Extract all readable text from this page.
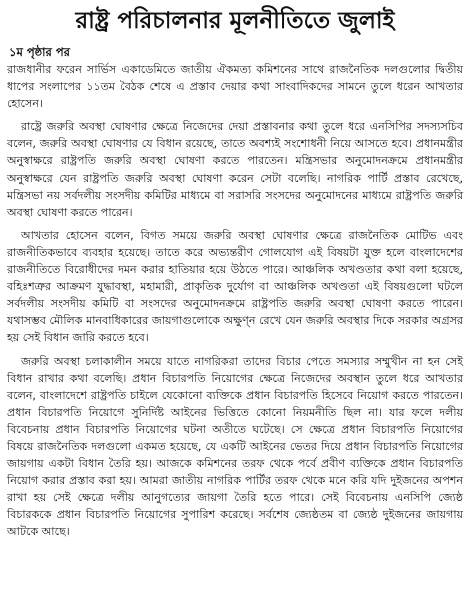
রাষ্ট্র পরিচালনার মূলনীতিতে জুলাই
১ম পৃষ্ঠার পর

রাজধানীর ফরেন সার্ভিস একাডেমিতে জাতীয় ঐকমত্য কমিশনের সাথে রাজনৈতিক দলগুলোর দ্বিতীয় ধাপের সংলাপের ১১তম বৈঠক শেষে এ প্রস্তাব দেয়ার কথা সাংবাদিকদের সামনে তুলে ধরেন আখতার হোসেন।

রাষ্ট্রে জরুরি অবস্থা ঘোষণার ক্ষেত্রে নিজেদের দেয়া প্রস্তাবনার কথা তুলে ধরে এনসিপির সদস্যসচিব বলেন, জরুরি অবস্থা ঘোষণার যে বিধান রয়েছে, তাতে অবশ্যই সংশোধনী নিয়ে আসতে হবে। প্রধানমন্ত্রীর অনুস্বাক্ষরে রাষ্ট্রপতি জরুরি অবস্থা ঘোষণা করতে পারতেন। মন্ত্রিসভার অনুমোদনক্রমে প্রধানমন্ত্রীর অনুস্বাক্ষরে যেন রাষ্ট্রপতি জরুরি অবস্থা ঘোষণা করেন সেটা বলেছি। নাগরিক পার্টি প্রস্তাব রেখেছে, মন্ত্রিসভা নয় সর্বদলীয় সংসদীয় কমিটির মাধ্যমে বা সরাসরি সংসদের অনুমোদনের মাধ্যমে রাষ্ট্রপতি জরুরি অবস্থা ঘোষণা করতে পারেন।

আখতার হোসেন বলেন, বিগত সময়ে জরুরি অবস্থা ঘোষণার ক্ষেত্রে রাজনৈতিক মোটিভ এবং রাজনীতিকভাবে ব্যবহার হয়েছে। তাতে করে অভ্যন্তরীণ গোলযোগ এই বিষয়টা যুক্ত হলে বাংলাদেশের রাজনীতিতে বিরোধীদের দমন করার হাতিয়ার হয়ে উঠতে পারে। আঞ্চলিক অখণ্ডতার কথা বলা হয়েছে, বহিঃশত্রুর আক্রমণ যুদ্ধাবস্থা, মহামারী, প্রাকৃতিক দুর্যোগ বা আঞ্চলিক অখণ্ডতা এই বিষয়গুলো ঘটলে সর্বদলীয় সংসদীয় কমিটি বা সংসদের অনুমোদনক্রমে রাষ্ট্রপতি জরুরি অবস্থা ঘোষণা করতে পারেন। যথাসম্ভব মৌলিক মানবাধিকারের জায়গাগুলোকে অক্ষুণ্ন রেখে যেন জরুরি অবস্থার দিকে সরকার অগ্রসর হয় সেই বিধান জারি করতে হবে।

জরুরি অবস্থা চলাকালীন সময়ে যাতে নাগরিকরা তাদের বিচার পেতে সমস্যার সম্মুখীন না হন সেই বিধান রাখার কথা বলেছি। প্রধান বিচারপতি নিয়োগের ক্ষেত্রে নিজেদের অবস্থান তুলে ধরে আখতার বলেন, বাংলাদেশে রাষ্ট্রপতি চাইলে যেকোনো ব্যক্তিকে প্রধান বিচারপতি হিসেবে নিয়োগ করতে পারতেন। প্রধান বিচারপতি নিয়োগে সুনির্দিষ্ট আইনের ভিত্তিতে কোনো নিয়মনীতি ছিল না। যার ফলে দলীয় বিবেচনায় প্রধান বিচারপতি নিয়োগের ঘটনা অতীতে ঘটেছে। সে ক্ষেত্রে প্রধান বিচারপতি নিয়োগের বিষয়ে রাজনৈতিক দলগুলো একমত হয়েছে, যে একটি আইনের ভেতর দিয়ে প্রধান বিচারপতি নিয়োগের জায়গায় একটা বিধান তৈরি হয়। আজকে কমিশনের তরফ থেকে পর্বে প্রবীণ ব্যক্তিকে প্রধান বিচারপতি নিয়োগ করার প্রস্তাব করা হয়। আমরা জাতীয় নাগরিক পার্টির তরফ থেকে মনে করি যদি দুইজনের অপশন রাখা হয় সেই ক্ষেত্রে দলীয় আনুগত্যের জায়গা তৈরি হতে পারে। সেই বিবেচনায় এনসিপি জ্যেষ্ঠ বিচারককে প্রধান বিচারপতি নিয়োগের সুপারিশ করেছে। সর্বশেষ জ্যেষ্ঠতম বা জ্যেষ্ঠ দুইজনের জায়গায় আটকে আছে।
